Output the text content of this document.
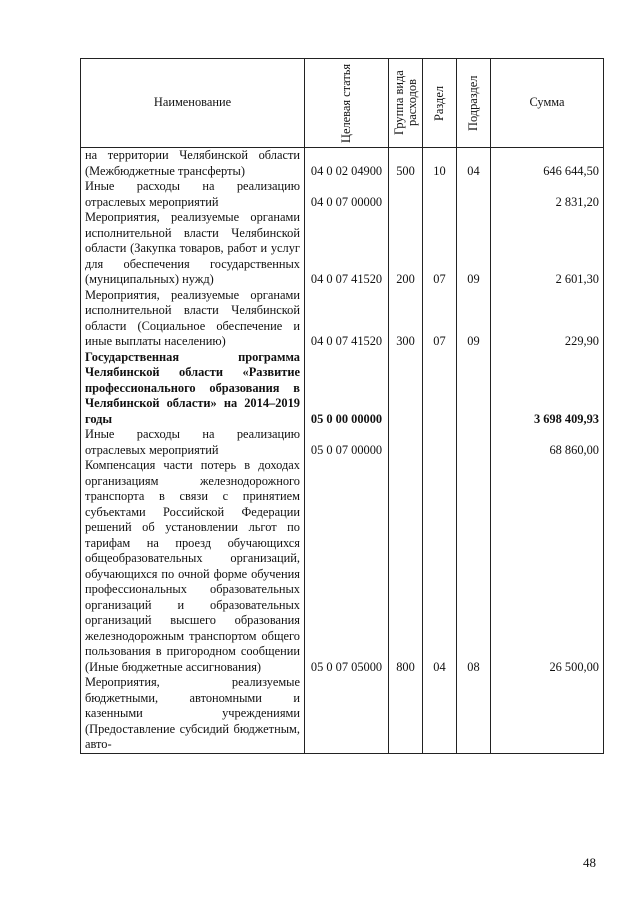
Наименование	Целевая статья	Группа вида расходов	Раздел	Подраздел	Сумма
на территории Челябинской области (Межбюджетные трансферты)	04 0 02 04900	500	10	04	646 644,50
Иные расходы на реализацию отраслевых мероприятий	04 0 07 00000				2 831,20
Мероприятия, реализуемые органами исполнительной власти Челябинской области (Закупка товаров, работ и услуг для обеспечения государственных (муниципальных) нужд)	04 0 07 41520	200	07	09	2 601,30
Мероприятия, реализуемые органами исполнительной власти Челябинской области (Социальное обеспечение и иные выплаты населению)	04 0 07 41520	300	07	09	229,90
Государственная программа Челябинской области «Развитие профессионального образования в Челябинской области» на 2014–2019 годы	05 0 00 00000				3 698 409,93
Иные расходы на реализацию отраслевых мероприятий	05 0 07 00000				68 860,00
Компенсация части потерь в доходах организациям железнодорожного транспорта в связи с принятием субъектами Российской Федерации решений об установлении льгот по тарифам на проезд обучающихся общеобразовательных организаций, обучающихся по очной форме обучения профессиональных образовательных организаций и образовательных организаций высшего образования железнодорожным транспортом общего пользования в пригородном сообщении (Иные бюджетные ассигнования)	05 0 07 05000	800	04	08	26 500,00
Мероприятия, реализуемые бюджетными, автономными и казенными учреждениями (Предоставление субсидий бюджетным, авто-					
48
